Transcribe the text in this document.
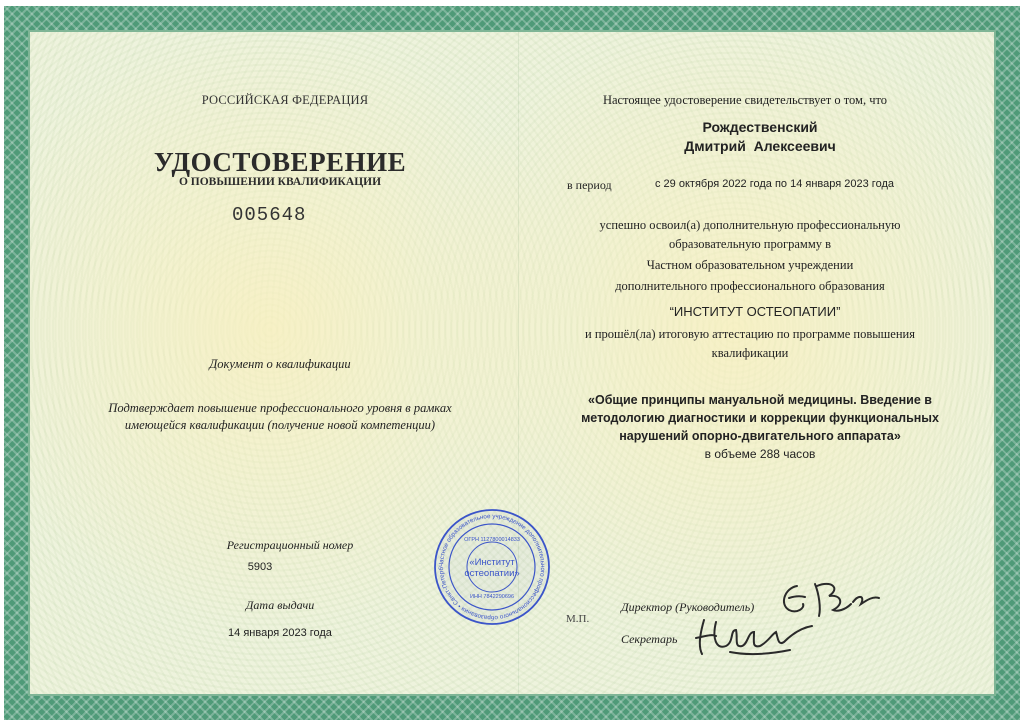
РОССИЙСКАЯ ФЕДЕРАЦИЯ
УДОСТОВЕРЕНИЕ
О ПОВЫШЕНИИ КВАЛИФИКАЦИИ
005648
Документ о квалификации
Подтверждает повышение профессионального уровня в рамках
имеющейся квалификации (получение новой компетенции)
Регистрационный номер
5903
Дата выдачи
14 января 2023 года
Настоящее удостоверение свидетельствует о том, что
Рождественский
Дмитрий  Алексеевич
в период	с 29 октября 2022 года по 14 января 2023 года
успешно освоил(а) дополнительную профессиональную
образовательную программу в
Частном образовательном учреждении
дополнительного профессионального образования
“ИНСТИТУТ ОСТЕОПАТИИ”
и прошёл(ла) итоговую аттестацию по программе повышения
квалификации
«Общие принципы мануальной медицины. Введение в
методологию диагностики и коррекции функциональных
нарушений опорно-двигательного аппарата»
в объеме 288 часов
Директор (Руководитель)
М.П.
Секретарь
Частное образовательное учреждение дополнительного профессионального образования • Санкт-Петерб
ОГРН 1127800014833
«Институт
остеопатии»
ИНН 7842290696
